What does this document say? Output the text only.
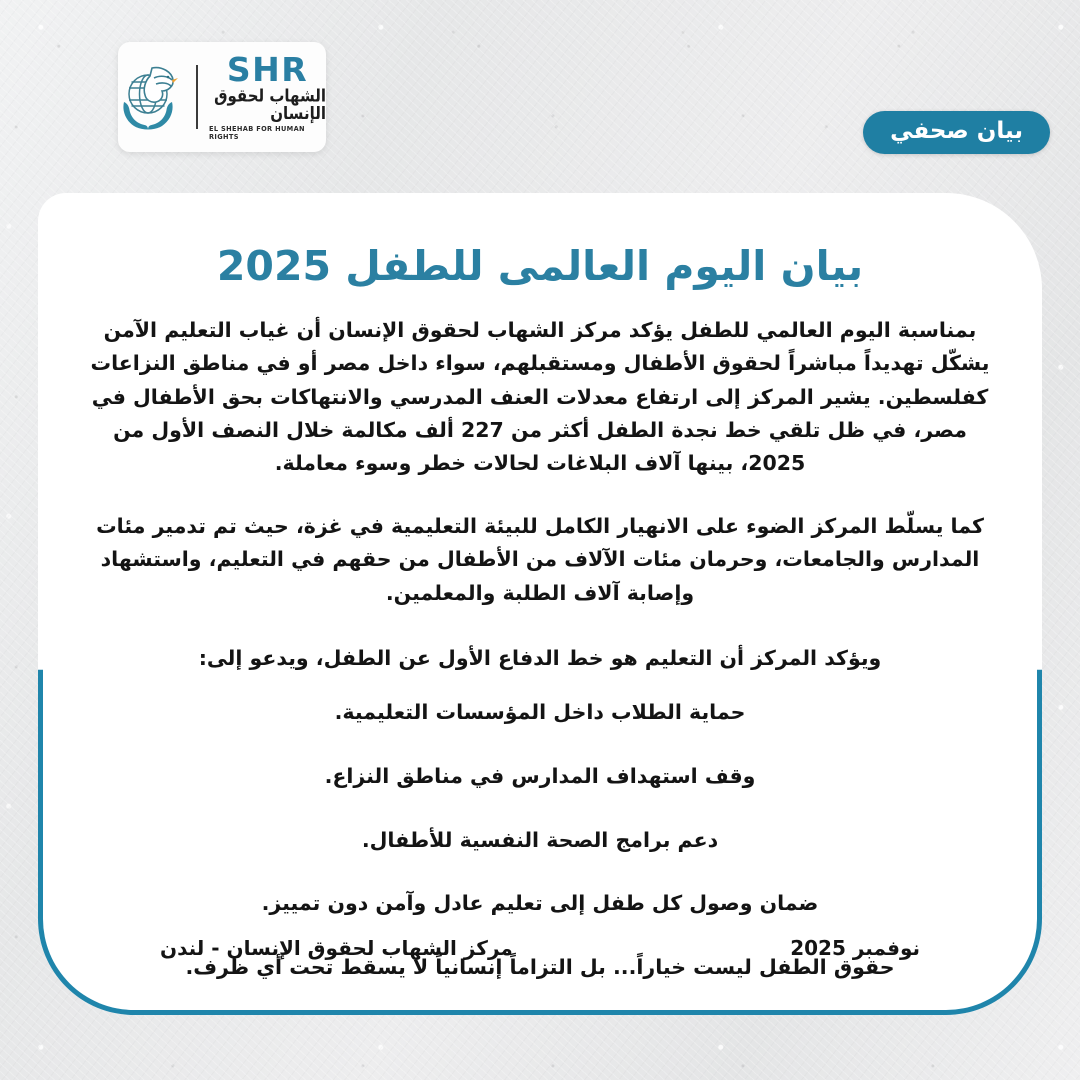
SHR
الشهاب لحقوق الإنسان
EL SHEHAB FOR HUMAN RIGHTS	بيان صحفي
بيان اليوم العالمى للطفل 2025

بمناسبة اليوم العالمي للطفل يؤكد مركز الشهاب لحقوق الإنسان أن غياب التعليم الآمن يشكّل تهديداً مباشراً لحقوق الأطفال ومستقبلهم، سواء داخل مصر أو في مناطق النزاعات كفلسطين. يشير المركز إلى ارتفاع معدلات العنف المدرسي والانتهاكات بحق الأطفال في مصر، في ظل تلقي خط نجدة الطفل أكثر من 227 ألف مكالمة خلال النصف الأول من 2025، بينها آلاف البلاغات لحالات خطر وسوء معاملة.

كما يسلّط المركز الضوء على الانهيار الكامل للبيئة التعليمية في غزة، حيث تم تدمير مئات المدارس والجامعات، وحرمان مئات الآلاف من الأطفال من حقهم في التعليم، واستشهاد وإصابة آلاف الطلبة والمعلمين.

ويؤكد المركز أن التعليم هو خط الدفاع الأول عن الطفل، ويدعو إلى:

حماية الطلاب داخل المؤسسات التعليمية.

وقف استهداف المدارس في مناطق النزاع.

دعم برامج الصحة النفسية للأطفال.

ضمان وصول كل طفل إلى تعليم عادل وآمن دون تمييز.

حقوق الطفل ليست خياراً... بل التزاماً إنسانياً لا يسقط تحت أي ظرف.

مركز الشهاب لحقوق الإنسان - لندن	نوفمبر 2025
